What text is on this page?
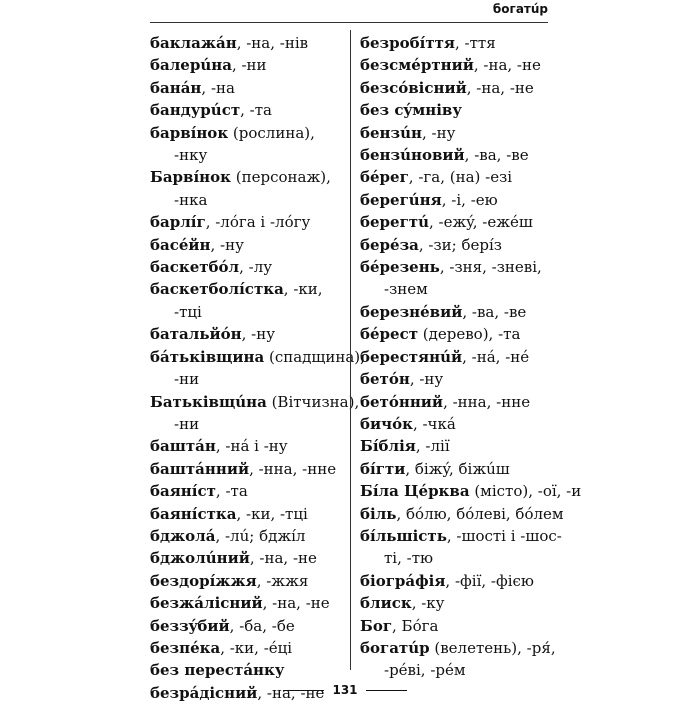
богатúр

баклажáн, -на, -нів

балерúна, -ни

банáн, -на

бандурúст, -та

барвíнок (рослина),

-нку

Барвíнок (персонаж),

-нка

барлíг, -лóга і -лóгу

басéйн, -ну

баскетбóл, -лу

баскетболíстка, -ки,

-тці

батальйóн, -ну

бáтьківщина (спадщина),

-ни

Батьківщúна (Вітчизна),

-ни

баштáн, -нá і -ну

баштáнний, -нна, -нне

баянíст, -та

баянíстка, -ки, -тці

бджолá, -лú; бджíл

бджолúний, -на, -не

бездорíжжя, -жжя

безжáлісний, -на, -не

беззýбий, -ба, -бе

безпéка, -ки, -éці

без перестáнку

безрáдісний, -на, -не

безробíття, -ття

безсмéртний, -на, -не

безсóвісний, -на, -не

без сýмніву

бензúн, -ну

бензúновий, -ва, -ве

бéрег, -га, (на) -езі

берегúня, -і, -ею

берегтú, -ежý, -ежéш

берéза, -зи; берíз

бéрезень, -зня, -зневі,

-знем

березнéвий, -ва, -ве

бéрест (дерево), -та

берестянúй, -нá, -нé

бетóн, -ну

бетóнний, -нна, -нне

бичóк, -чкá

Бíблія, -лії

бíгти, біжý, біжúш

Бíла Цéрква (місто), -ої, -и

біль, бóлю, бóлеві, бóлем

бíльшість, -шості і -шос-

ті, -тю

біогрáфія, -фії, -фією

блиск, -ку

Бог, Бóга

богатúр (велетень), -ря́,

-рéві, -рéм

131
